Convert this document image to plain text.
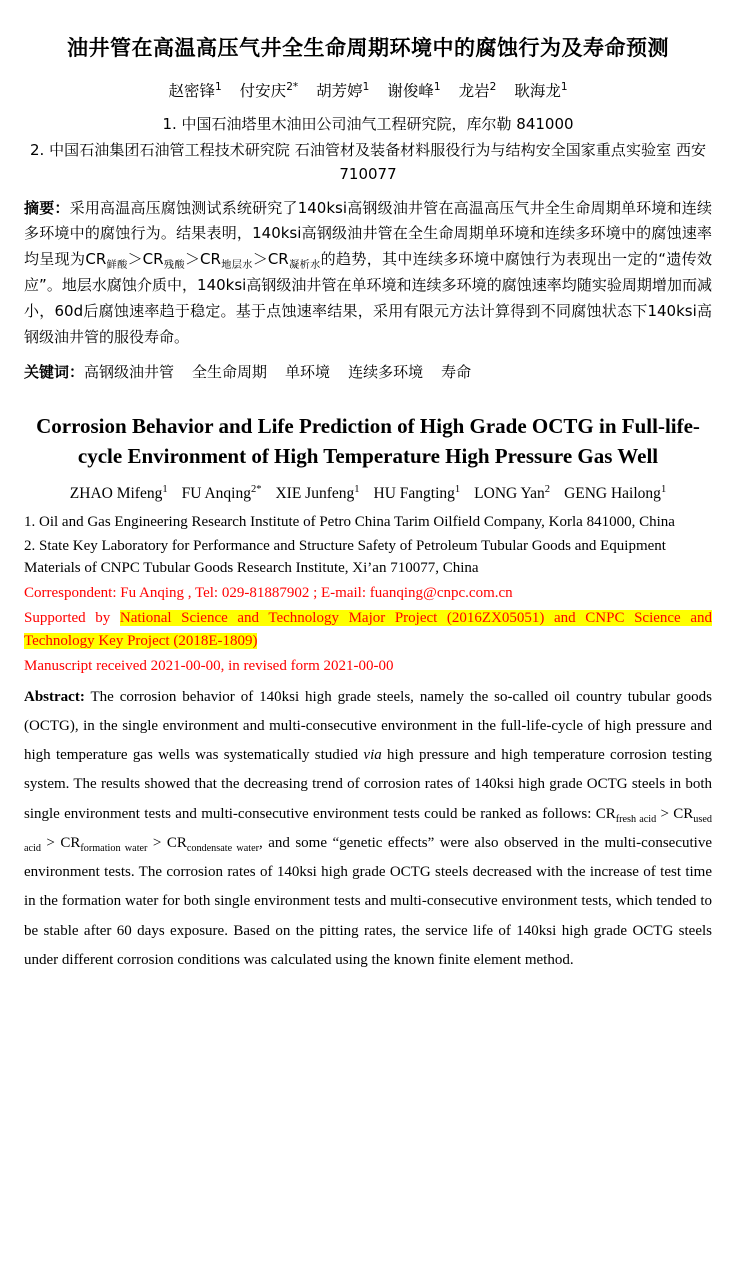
油井管在高温高压气井全生命周期环境中的腐蚀行为及寿命预测
赵密锋$^1$ 付安庆$^{2*}$ 胡芳婷$^1$ 谢俊峰$^1$ 龙岩$^2$ 耿海龙$^1$
1. 中国石油塔里木油田公司油气工程研究院，库尔勒 841000
2. 中国石油集团石油管工程技术研究院 石油管材及装备材料服役行为与结构安全国家重点实验室 西安 710077
摘要：采用高温高压腐蚀测试系统研究了140ksi高钢级油井管在高温高压气井全生命周期单环境和连续多环境中的腐蚀行为。结果表明，140ksi高钢级油井管在全生命周期单环境和连续多环境中的腐蚀速率均呈现为$CR_{鲜酸}>CR_{残酸}>CR_{地层水}>CR_{凝析水}$的趋势，其中连续多环境中腐蚀行为表现出一定的“遗传效应”。地层水腐蚀介质中，140ksi高钢级油井管在单环境和连续多环境的腐蚀速率均随实验周期增加而减小，60d后腐蚀速率趋于稳定。基于点蚀速率结果，采用有限元方法计算得到不同腐蚀状态下140ksi高钢级油井管的服役寿命。
关键词：高钢级油井管 全生命周期 单环境 连续多环境 寿命
Corrosion Behavior and Life Prediction of High Grade OCTG in Full-life-cycle Environment of High Temperature High Pressure Gas Well
ZHAO Mifeng$^1$ FU Anqing$^{2*}$ XIE Junfeng$^1$ HU Fangting$^1$ LONG Yan$^2$ GENG Hailong$^1$
1. Oil and Gas Engineering Research Institute of Petro China Tarim Oilfield Company, Korla 841000, China
2. State Key Laboratory for Performance and Structure Safety of Petroleum Tubular Goods and Equipment Materials of CNPC Tubular Goods Research Institute, Xi’an 710077, China
Correspondent: Fu Anqing , Tel: 029-81887902 ; E-mail: fuanqing@cnpc.com.cn
Supported by National Science and Technology Major Project (2016ZX05051) and CNPC Science and Technology Key Project (2018E-1809)
Manuscript received 2021-00-00, in revised form 2021-00-00
Abstract: The corrosion behavior of 140ksi high grade steels, namely the so-called oil country tubular goods (OCTG), in the single environment and multi-consecutive environment in the full-life-cycle of high pressure and high temperature gas wells was systematically studied via high pressure and high temperature corrosion testing system. The results showed that the decreasing trend of corrosion rates of 140ksi high grade OCTG steels in both single environment tests and multi-consecutive environment tests could be ranked as follows: $CR_{fresh acid} > CR_{used acid} > CR_{formation water} > CR_{condensate water}$, and some “genetic effects” were also observed in the multi-consecutive environment tests. The corrosion rates of 140ksi high grade OCTG steels decreased with the increase of test time in the formation water for both single environment tests and multi-consecutive environment tests, which tended to be stable after 60 days exposure. Based on the pitting rates, the service life of 140ksi high grade OCTG steels under different corrosion conditions was calculated using the known finite element method.
